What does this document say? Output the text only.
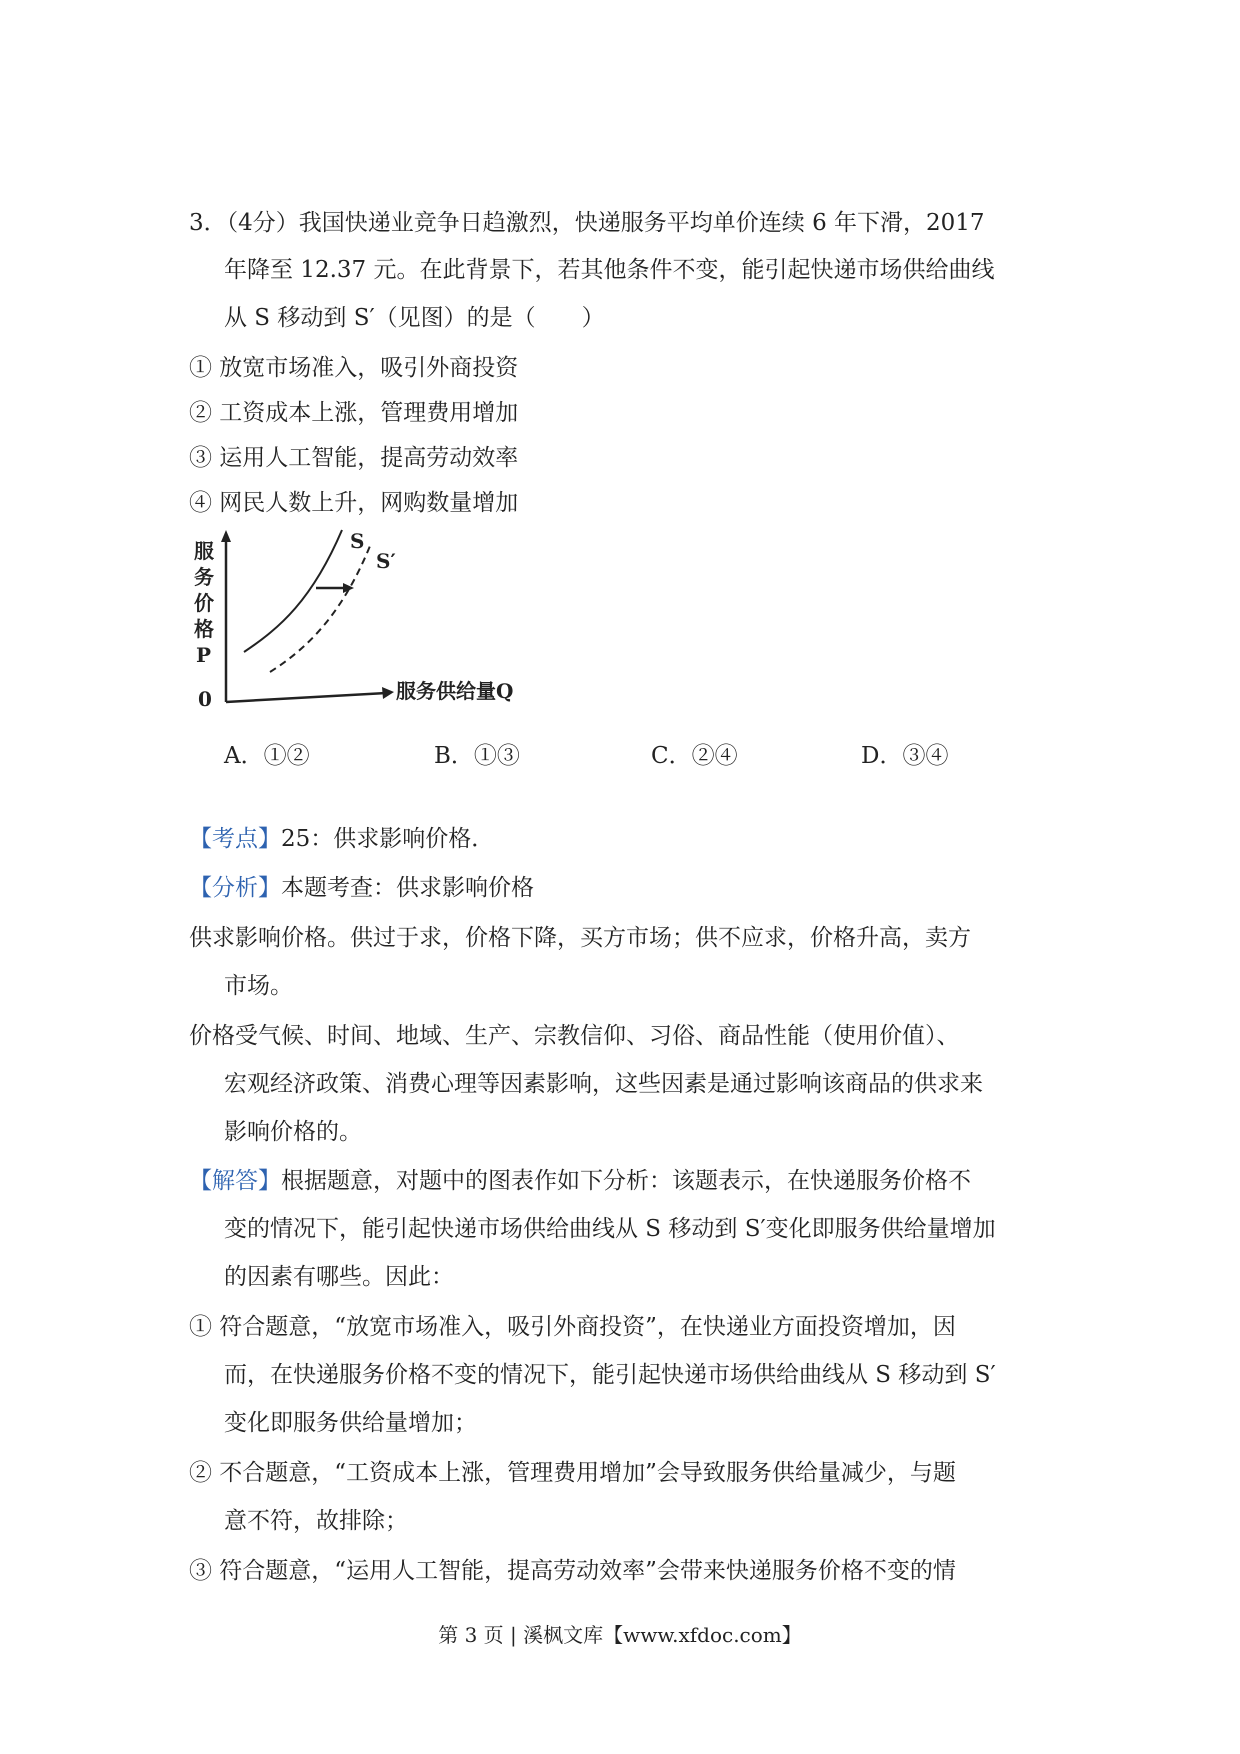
3．（4分）我国快递业竞争日趋激烈，快递服务平均单价连续 6 年下滑，2017
年降至 12.37 元。在此背景下，若其他条件不变，能引起快递市场供给曲线
从 S 移动到 S′（见图）的是（　　）
① 放宽市场准入，吸引外商投资
② 工资成本上涨，管理费用增加
③ 运用人工智能，提高劳动效率
④ 网民人数上升，网购数量增加
服
务
价
格
P
0	服务供给量Q
S
S′
A．①②	B．①③	C．②④	D．③④
【考点】25：供求影响价格．
【分析】本题考查：供求影响价格
供求影响价格。供过于求，价格下降，买方市场；供不应求，价格升高，卖方
市场。
价格受气候、时间、地域、生产、宗教信仰、习俗、商品性能（使用价值）、
宏观经济政策、消费心理等因素影响，这些因素是通过影响该商品的供求来
影响价格的。
【解答】根据题意，对题中的图表作如下分析：该题表示，在快递服务价格不
变的情况下，能引起快递市场供给曲线从 S 移动到 S′变化即服务供给量增加
的因素有哪些。因此：
① 符合题意，“放宽市场准入，吸引外商投资”，在快递业方面投资增加，因
而，在快递服务价格不变的情况下，能引起快递市场供给曲线从 S 移动到 S′
变化即服务供给量增加；
② 不合题意，“工资成本上涨，管理费用增加”会导致服务供给量减少，与题
意不符，故排除；
③ 符合题意，“运用人工智能，提高劳动效率”会带来快递服务价格不变的情
第 3 页 | 溪枫文库【www.xfdoc.com】
